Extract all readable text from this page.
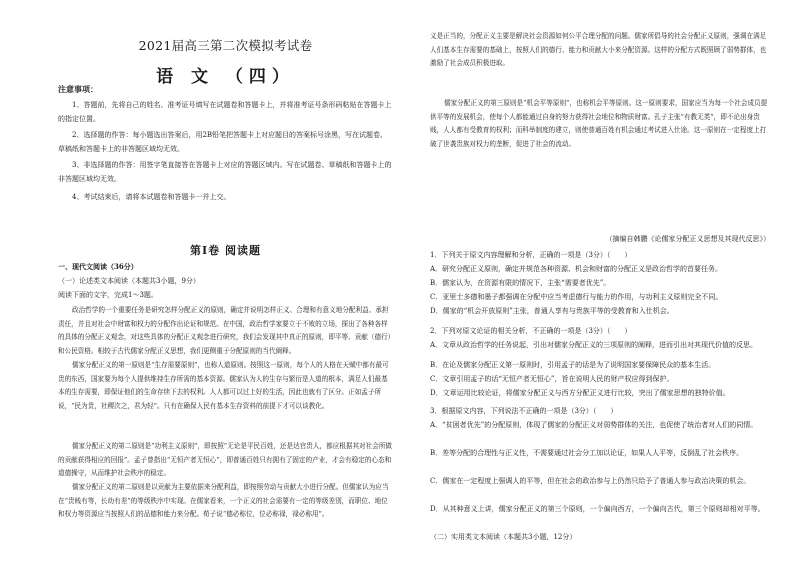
2021届高三第二次模拟考试卷
语 文 （四）
注意事项：

1、答题前，先将自己的姓名、准考证号填写在试题卷和答题卡上，并将准考证号条形码粘贴在答题卡上的指定位置。

2、选择题的作答：每小题选出答案后，用2B铅笔把答题卡上对应题目的答案标号涂黑，写在试题卷、草稿纸和答题卡上的非答题区域均无效。

3、非选择题的作答：用签字笔直接答在答题卡上对应的答题区域内。写在试题卷、草稿纸和答题卡上的非答题区域均无效。

4、考试结束后，请将本试题卷和答题卡一并上交。

第Ⅰ卷 阅读题
一、现代文阅读（36分）
（一）论述类文本阅读（本题共3小题，9分）
阅读下面的文字，完成1～3题。

政治哲学的一个重要任务是研究怎样分配正义的原则，确定并说明怎样正义、合理和有意义地分配利益、承担责任，并且对社会中财富和权力的分配作出论证和规范。在中国，政治哲学家要立于不败的立场，探出了各种各样的具体的分配正义观念，对这些具体的分配正义观念进行研究，我们会发现其中真正的原则，即平等、贡献（德行）和公民资格。相较于古代儒家分配正义思想，我们更侧重于分配原则的当代阐释。

儒家分配正义的第一原则是“生存需要原则”，也称人道原则。按照这一原则，每个人的人格在天赋中都有最可贵的东西，国家要为每个人提供维持生存所需的基本资源。儒家认为人的生存与繁衍是人道的根本，满足人们最基本的生存需要，即保证他们的生命存续下去的权利。人人都可以过上好的生活，因此也就有了区分。正如孟子所说，“民为贵，社稷次之，君为轻”。只有在确保人民有基本生存资料的前提下才可以谈教化。

儒家分配正义的第二原则是“功利主义原则”，即按照“无论是平民百姓，还是达官贵人，都应根据其对社会所做的贡献获得相应的回报”。孟子曾指出“无恒产者无恒心”，即普通百姓只有拥有了固定的产业，才会有稳定的心态和道德操守，从而维护社会秩序的稳定。

儒家分配正义的第二原则是以贡献为主要依据来分配利益，即按照劳动与贡献大小进行分配。但儒家认为应当在“贵贱有等，长幼有差”的等级秩序中实现。在儒家看来，一个正义的社会需要有一定的等级差别，而职位、地位和权力等资源应当按照人们的品德和能力来分配。荀子说“德必称位，位必称禄，禄必称用”。

义是正当的，分配正义主要是解决社会资源如何公平合理分配的问题。儒家所倡导的社会分配正义原则，强调在满足人们基本生存需要的基础上，按照人们的德行、能力和贡献大小来分配资源。这样的分配方式既照顾了弱势群体，也激励了社会成员积极进取。

儒家分配正义的第三原则是“机会平等原则”，也称机会平等原则。这一原则要求，国家应当为每一个社会成员提供平等的发展机会，使每个人都能通过自身的努力获得社会地位和物质财富。孔子主张“有教无类”，即不论出身贵贱，人人都有受教育的权利；而科举制度的建立，则使普通百姓有机会通过考试进入仕途。这一原则在一定程度上打破了世袭贵族对权力的垄断，促进了社会的流动。

（摘编自韩鹏《论儒家分配正义思想及其现代反思》）

1．下列关于原文内容理解和分析，正确的一项是（3分）（　　）

A．研究分配正义原则，确定并规范各种资源、机会和财富的分配正义是政治哲学的首要任务。

B．儒家认为，在资源有限的情况下，主张“需要者优先”。

C．亚里士多德和墨子都强调在分配中应当考虑德行与能力的作用，与功利主义原则完全不同。

D．儒家的“机会开放原则”主张，普通人享有与贵族平等的受教育和入仕机会。

2．下列对原文论证的相关分析，不正确的一项是（3分）（　　）

A．文章从政治哲学的任务说起，引出对儒家分配正义的三项原则的阐释，进而引出对其现代价值的反思。

B．在论及儒家分配正义第一原则时，引用孟子的话是为了说明国家要保障民众的基本生活。

C．文章引用孟子的话“无恒产者无恒心”，旨在说明人民的财产权应得到保护。

D．文章运用比较论证，将儒家分配正义与西方分配正义进行比较，突出了儒家思想的独特价值。

3．根据原文内容，下列说法不正确的一项是（3分）（　　）

A．“贫困者优先”的分配原则，体现了儒家的分配正义对弱势群体的关注，也促使了统治者对人们的同情。

B．差等分配的合理性与正义性，不需要通过社会分工加以论证，如果人人平等，反倒乱了社会秩序。

C．儒家在一定程度上强调人的平等，但在社会的政治参与上仍然只给予了普通人参与政治决策的机会。

D．从其种意义上讲，儒家分配正义的第三个原则，一个偏向西方，一个偏向古代，第三个原则却相对平等。

（二）实用类文本阅读（本题共3小题，12分）
